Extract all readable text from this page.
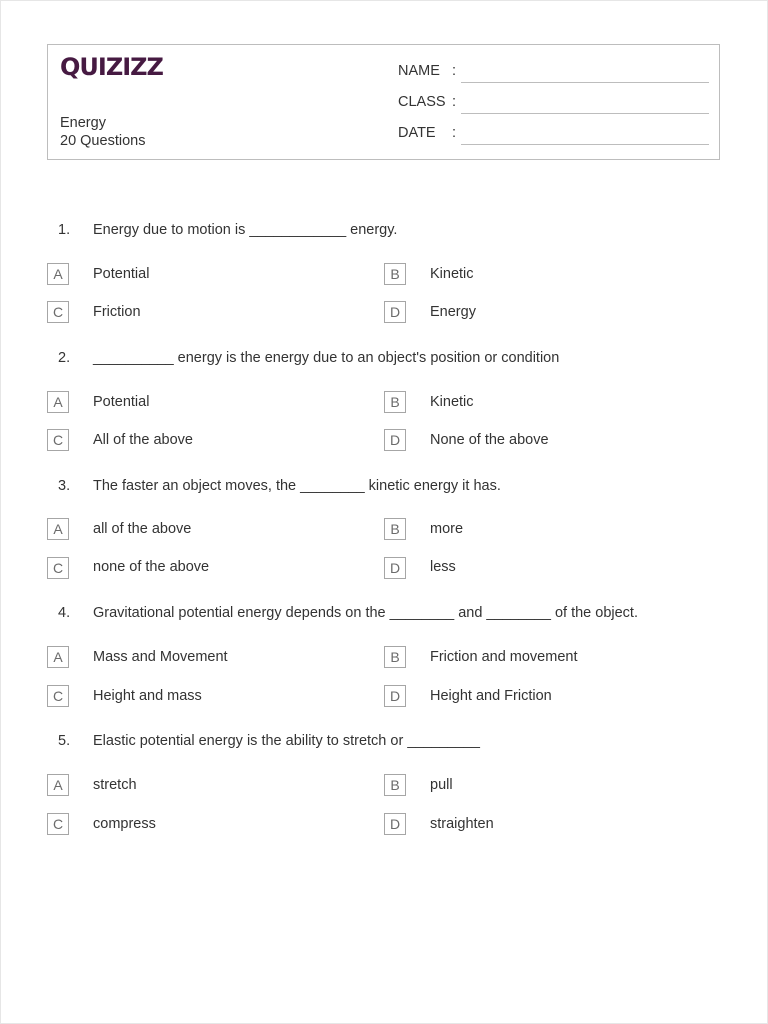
QUIZIZZ
Energy
20 Questions
NAME :
CLASS :
DATE :
1. Energy due to motion is ____________ energy.
A	Potential	B	Kinetic
C	Friction	D	Energy
2. __________ energy is the energy due to an object's position or condition
A	Potential	B	Kinetic
C	All of the above	D	None of the above
3. The faster an object moves, the ________ kinetic energy it has.
A	all of the above	B	more
C	none of the above	D	less
4. Gravitational potential energy depends on the ________ and ________ of the object.
A	Mass and Movement	B	Friction and movement
C	Height and mass	D	Height and Friction
5. Elastic potential energy is the ability to stretch or _________
A	stretch	B	pull
C	compress	D	straighten
